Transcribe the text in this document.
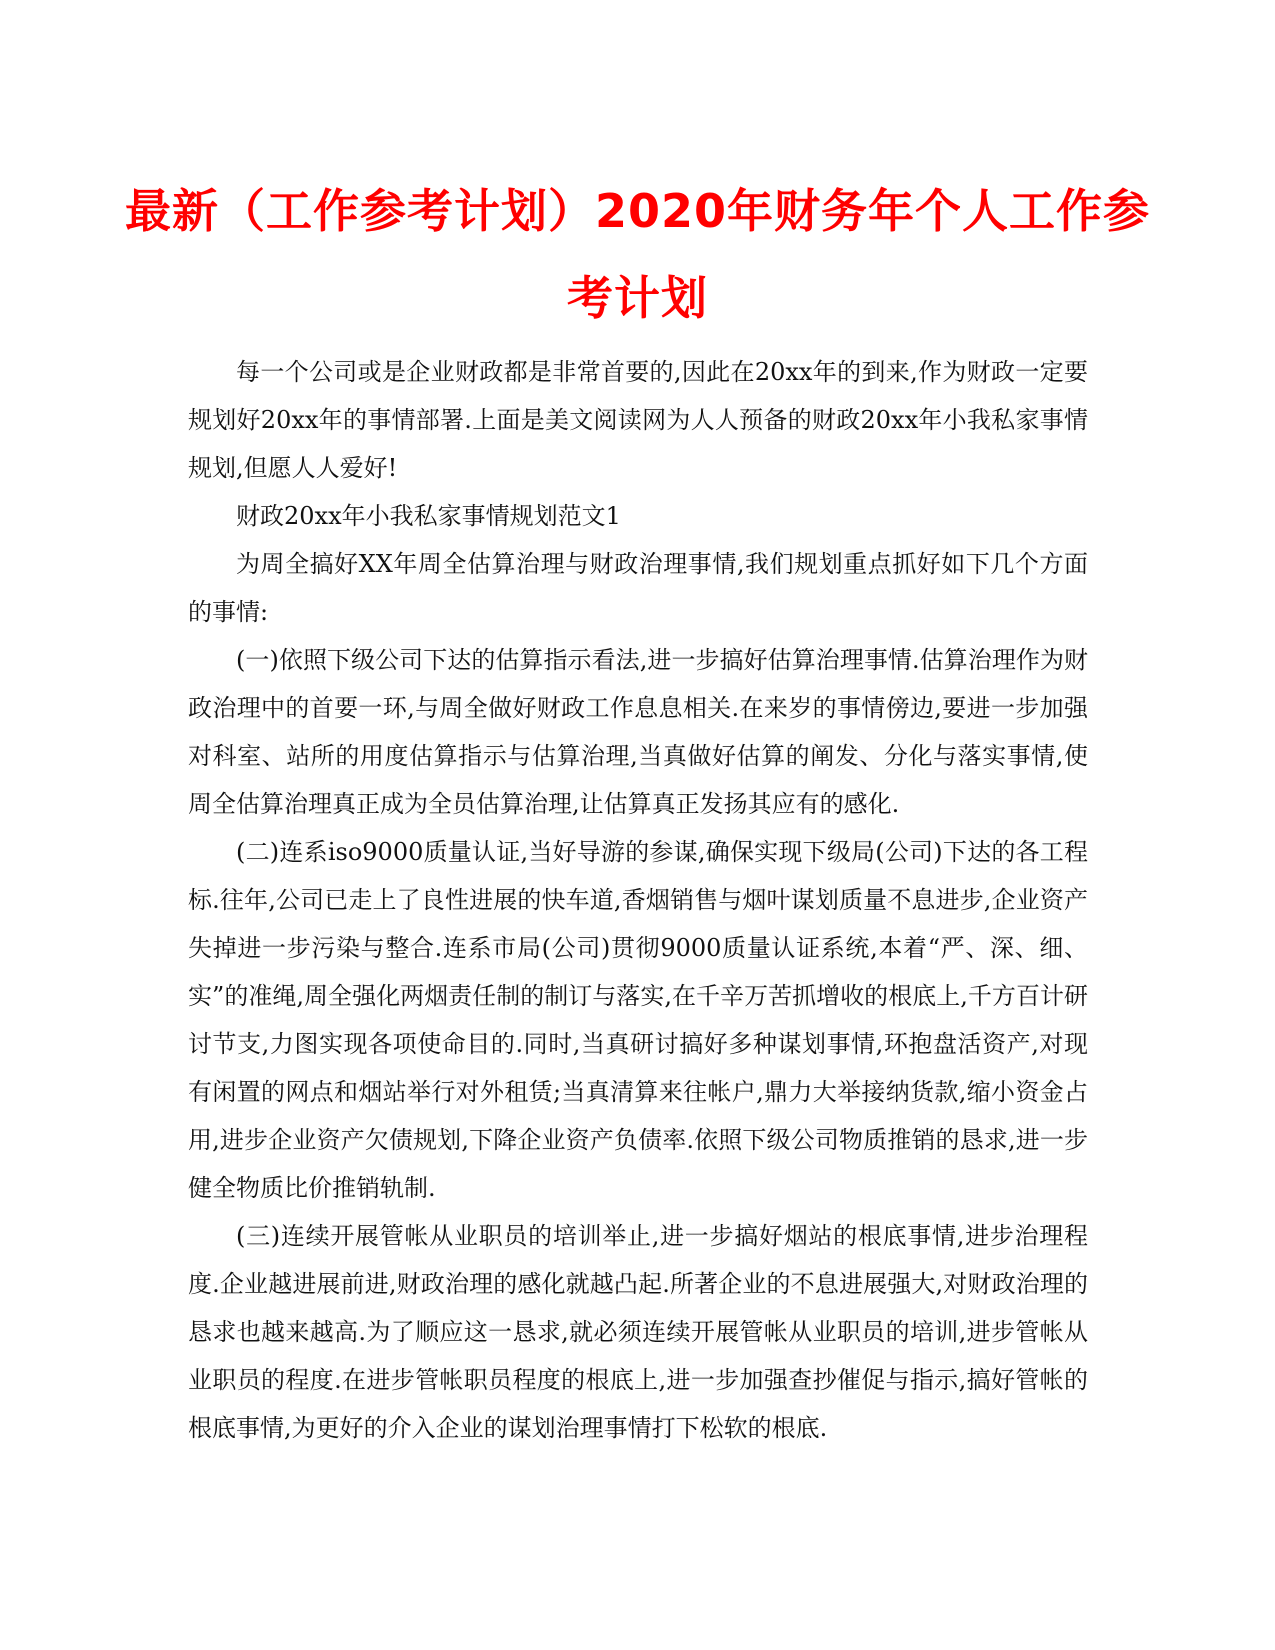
最新（工作参考计划）2020年财务年个人工作参考计划

每一个公司或是企业财政都是非常首要的,因此在20xx年的到来,作为财政一定要规划好20xx年的事情部署.上面是美文阅读网为人人预备的财政20xx年小我私家事情规划,但愿人人爱好!

财政20xx年小我私家事情规划范文1

为周全搞好XX年周全估算治理与财政治理事情,我们规划重点抓好如下几个方面的事情:

(一)依照下级公司下达的估算指示看法,进一步搞好估算治理事情.估算治理作为财政治理中的首要一环,与周全做好财政工作息息相关.在来岁的事情傍边,要进一步加强对科室、站所的用度估算指示与估算治理,当真做好估算的阐发、分化与落实事情,使周全估算治理真正成为全员估算治理,让估算真正发扬其应有的感化.

(二)连系iso9000质量认证,当好导游的参谋,确保实现下级局(公司)下达的各工程标.往年,公司已走上了良性进展的快车道,香烟销售与烟叶谋划质量不息进步,企业资产失掉进一步污染与整合.连系市局(公司)贯彻9000质量认证系统,本着“严、深、细、实”的准绳,周全强化两烟责任制的制订与落实,在千辛万苦抓增收的根底上,千方百计研讨节支,力图实现各项使命目的.同时,当真研讨搞好多种谋划事情,环抱盘活资产,对现有闲置的网点和烟站举行对外租赁;当真清算来往帐户,鼎力大举接纳货款,缩小资金占用,进步企业资产欠债规划,下降企业资产负债率.依照下级公司物质推销的恳求,进一步健全物质比价推销轨制.

(三)连续开展管帐从业职员的培训举止,进一步搞好烟站的根底事情,进步治理程度.企业越进展前进,财政治理的感化就越凸起.所著企业的不息进展强大,对财政治理的恳求也越来越高.为了顺应这一恳求,就必须连续开展管帐从业职员的培训,进步管帐从业职员的程度.在进步管帐职员程度的根底上,进一步加强查抄催促与指示,搞好管帐的根底事情,为更好的介入企业的谋划治理事情打下松软的根底.
